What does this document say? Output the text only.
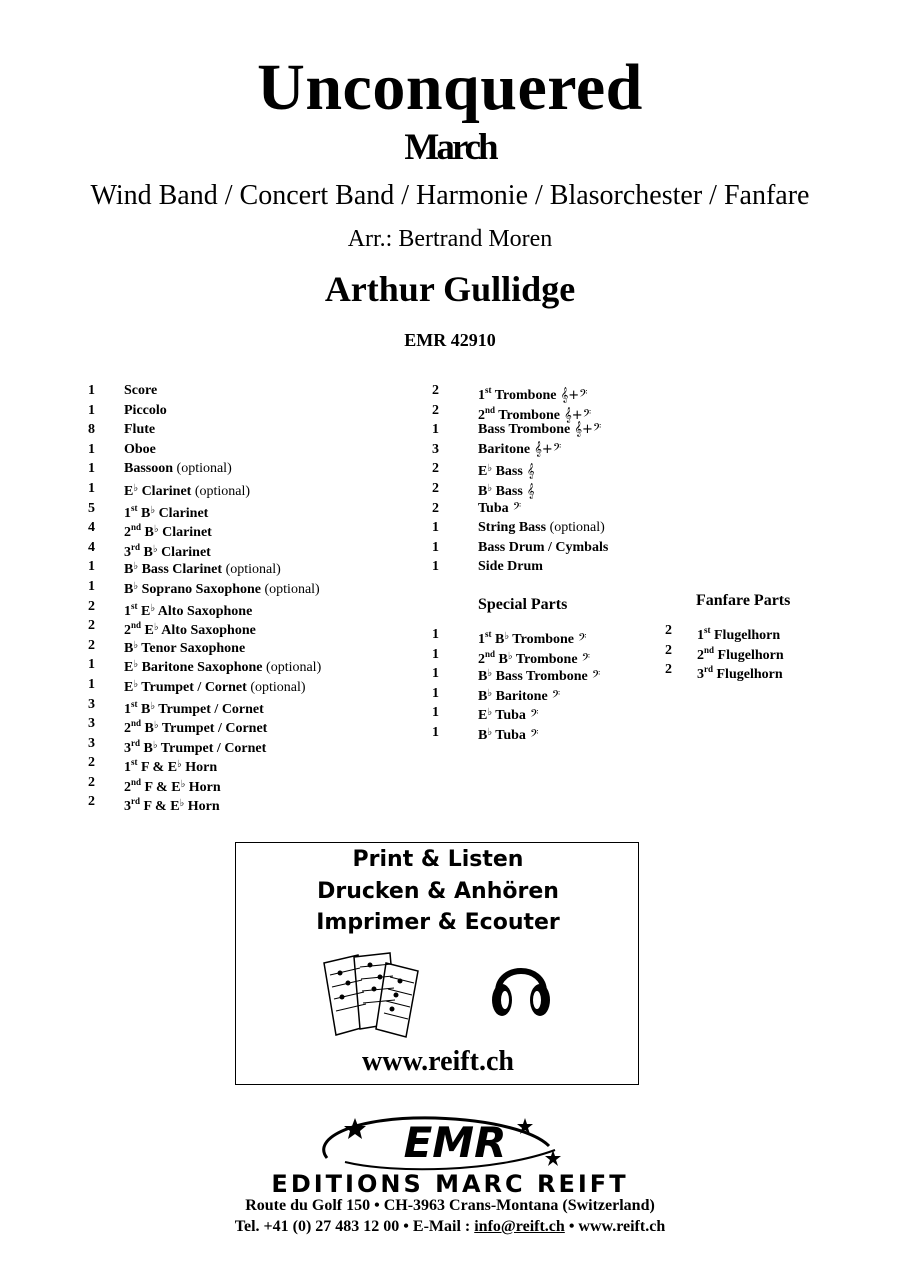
Unconquered
March
Wind Band / Concert Band / Harmonie / Blasorchester / Fanfare
Arr.: Bertrand Moren
Arthur Gullidge
EMR 42910
1	Score
1	Piccolo
8	Flute
1	Oboe
1	Bassoon (optional)
1	E♭ Clarinet (optional)
5	1st B♭ Clarinet
4	2nd B♭ Clarinet
4	3rd B♭ Clarinet
1	B♭ Bass Clarinet (optional)
1	B♭ Soprano Saxophone (optional)
2	1st E♭ Alto Saxophone
2	2nd E♭ Alto Saxophone
2	B♭ Tenor Saxophone
1	E♭ Baritone Saxophone (optional)
1	E♭ Trumpet / Cornet (optional)
3	1st B♭ Trumpet / Cornet
3	2nd B♭ Trumpet / Cornet
3	3rd B♭ Trumpet / Cornet
2	1st F & E♭ Horn
2	2nd F & E♭ Horn
2	3rd F & E♭ Horn
2	1st Trombone 𝄞+𝄢
2	2nd Trombone 𝄞+𝄢
1	Bass Trombone 𝄞+𝄢
3	Baritone 𝄞+𝄢
2	E♭ Bass 𝄞
2	B♭ Bass 𝄞
2	Tuba 𝄢
1	String Bass (optional)
1	Bass Drum / Cymbals
1	Side Drum
Special Parts
1	1st B♭ Trombone 𝄢
1	2nd B♭ Trombone 𝄢
1	B♭ Bass Trombone 𝄢
1	B♭ Baritone 𝄢
1	E♭ Tuba 𝄢
1	B♭ Tuba 𝄢
Fanfare Parts
2	1st Flugelhorn
2	2nd Flugelhorn
2	3rd Flugelhorn
Print & Listen
Drucken & Anhören
Imprimer & Ecouter
www.reift.ch
EMR
EDITIONS MARC REIFT
Route du Golf 150 • CH-3963 Crans-Montana (Switzerland)
Tel. +41 (0) 27 483 12 00 • E-Mail : info@reift.ch • www.reift.ch
